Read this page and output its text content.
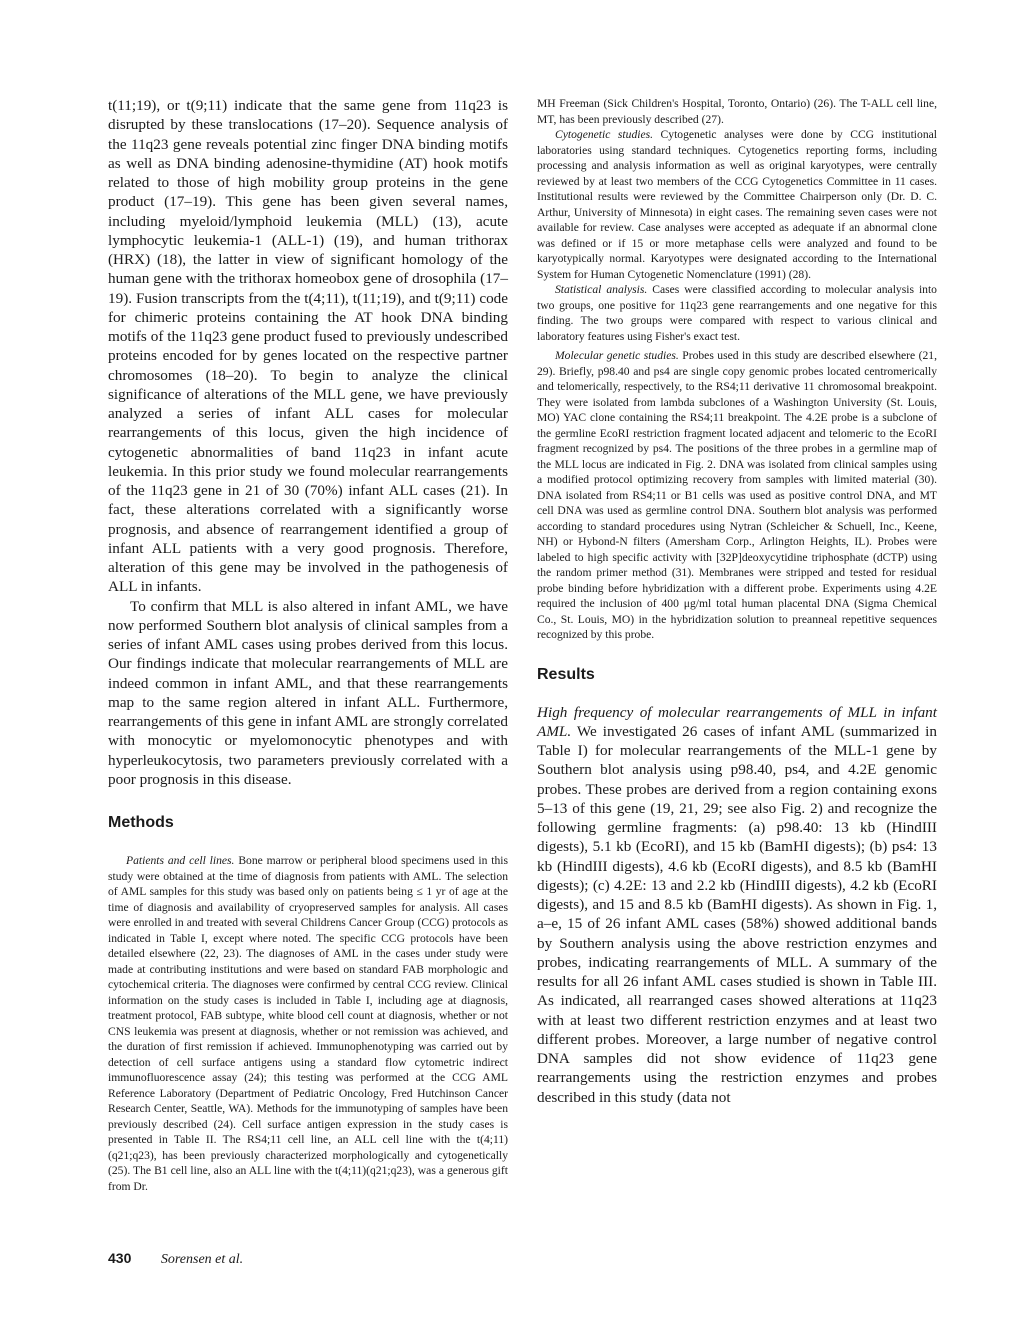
t(11;19), or t(9;11) indicate that the same gene from 11q23 is disrupted by these translocations (17–20). Sequence analysis of the 11q23 gene reveals potential zinc finger DNA binding motifs as well as DNA binding adenosine-thymidine (AT) hook motifs related to those of high mobility group proteins in the gene product (17–19). This gene has been given several names, including myeloid/lymphoid leukemia (MLL) (13), acute lymphocytic leukemia-1 (ALL-1) (19), and human trithorax (HRX) (18), the latter in view of significant homology of the human gene with the trithorax homeobox gene of drosophila (17–19). Fusion transcripts from the t(4;11), t(11;19), and t(9;11) code for chimeric proteins containing the AT hook DNA binding motifs of the 11q23 gene product fused to previously undescribed proteins encoded for by genes located on the respective partner chromosomes (18–20). To begin to analyze the clinical significance of alterations of the MLL gene, we have previously analyzed a series of infant ALL cases for molecular rearrangements of this locus, given the high incidence of cytogenetic abnormalities of band 11q23 in infant acute leukemia. In this prior study we found molecular rearrangements of the 11q23 gene in 21 of 30 (70%) infant ALL cases (21). In fact, these alterations correlated with a significantly worse prognosis, and absence of rearrangement identified a group of infant ALL patients with a very good prognosis. Therefore, alteration of this gene may be involved in the pathogenesis of ALL in infants.

To confirm that MLL is also altered in infant AML, we have now performed Southern blot analysis of clinical samples from a series of infant AML cases using probes derived from this locus. Our findings indicate that molecular rearrangements of MLL are indeed common in infant AML, and that these rearrangements map to the same region altered in infant ALL. Furthermore, rearrangements of this gene in infant AML are strongly correlated with monocytic or myelomonocytic phenotypes and with hyperleukocytosis, two parameters previously correlated with a poor prognosis in this disease.

Methods

Patients and cell lines. Bone marrow or peripheral blood specimens used in this study were obtained at the time of diagnosis from patients with AML. The selection of AML samples for this study was based only on patients being ≤ 1 yr of age at the time of diagnosis and availability of cryopreserved samples for analysis. All cases were enrolled in and treated with several Childrens Cancer Group (CCG) protocols as indicated in Table I, except where noted. The specific CCG protocols have been detailed elsewhere (22, 23). The diagnoses of AML in the cases under study were made at contributing institutions and were based on standard FAB morphologic and cytochemical criteria. The diagnoses were confirmed by central CCG review. Clinical information on the study cases is included in Table I, including age at diagnosis, treatment protocol, FAB subtype, white blood cell count at diagnosis, whether or not CNS leukemia was present at diagnosis, whether or not remission was achieved, and the duration of first remission if achieved. Immunophenotyping was carried out by detection of cell surface antigens using a standard flow cytometric indirect immunofluorescence assay (24); this testing was performed at the CCG AML Reference Laboratory (Department of Pediatric Oncology, Fred Hutchinson Cancer Research Center, Seattle, WA). Methods for the immunotyping of samples have been previously described (24). Cell surface antigen expression in the study cases is presented in Table II. The RS4;11 cell line, an ALL cell line with the t(4;11)(q21;q23), has been previously characterized morphologically and cytogenetically (25). The B1 cell line, also an ALL line with the t(4;11)(q21;q23), was a generous gift from Dr.

MH Freeman (Sick Children's Hospital, Toronto, Ontario) (26). The T-ALL cell line, MT, has been previously described (27).

Cytogenetic studies. Cytogenetic analyses were done by CCG institutional laboratories using standard techniques. Cytogenetics reporting forms, including processing and analysis information as well as original karyotypes, were centrally reviewed by at least two members of the CCG Cytogenetics Committee in 11 cases. Institutional results were reviewed by the Committee Chairperson only (Dr. D. C. Arthur, University of Minnesota) in eight cases. The remaining seven cases were not available for review. Case analyses were accepted as adequate if an abnormal clone was defined or if 15 or more metaphase cells were analyzed and found to be karyotypically normal. Karyotypes were designated according to the International System for Human Cytogenetic Nomenclature (1991) (28).

Statistical analysis. Cases were classified according to molecular analysis into two groups, one positive for 11q23 gene rearrangements and one negative for this finding. The two groups were compared with respect to various clinical and laboratory features using Fisher's exact test.

Molecular genetic studies. Probes used in this study are described elsewhere (21, 29). Briefly, p98.40 and ps4 are single copy genomic probes located centromerically and telomerically, respectively, to the RS4;11 derivative 11 chromosomal breakpoint. They were isolated from lambda subclones of a Washington University (St. Louis, MO) YAC clone containing the RS4;11 breakpoint. The 4.2E probe is a subclone of the germline EcoRI restriction fragment located adjacent and telomeric to the EcoRI fragment recognized by ps4. The positions of the three probes in a germline map of the MLL locus are indicated in Fig. 2. DNA was isolated from clinical samples using a modified protocol optimizing recovery from samples with limited material (30). DNA isolated from RS4;11 or B1 cells was used as positive control DNA, and MT cell DNA was used as germline control DNA. Southern blot analysis was performed according to standard procedures using Nytran (Schleicher & Schuell, Inc., Keene, NH) or Hybond-N filters (Amersham Corp., Arlington Heights, IL). Probes were labeled to high specific activity with [32P]deoxycytidine triphosphate (dCTP) using the random primer method (31). Membranes were stripped and tested for residual probe binding before hybridization with a different probe. Experiments using 4.2E required the inclusion of 400 μg/ml total human placental DNA (Sigma Chemical Co., St. Louis, MO) in the hybridization solution to preanneal repetitive sequences recognized by this probe.

Results

High frequency of molecular rearrangements of MLL in infant AML. We investigated 26 cases of infant AML (summarized in Table I) for molecular rearrangements of the MLL-1 gene by Southern blot analysis using p98.40, ps4, and 4.2E genomic probes. These probes are derived from a region containing exons 5–13 of this gene (19, 21, 29; see also Fig. 2) and recognize the following germline fragments: (a) p98.40: 13 kb (HindIII digests), 5.1 kb (EcoRI), and 15 kb (BamHI digests); (b) ps4: 13 kb (HindIII digests), 4.6 kb (EcoRI digests), and 8.5 kb (BamHI digests); (c) 4.2E: 13 and 2.2 kb (HindIII digests), 4.2 kb (EcoRI digests), and 15 and 8.5 kb (BamHI digests). As shown in Fig. 1, a–e, 15 of 26 infant AML cases (58%) showed additional bands by Southern analysis using the above restriction enzymes and probes, indicating rearrangements of MLL. A summary of the results for all 26 infant AML cases studied is shown in Table III. As indicated, all rearranged cases showed alterations at 11q23 with at least two different restriction enzymes and at least two different probes. Moreover, a large number of negative control DNA samples did not show evidence of 11q23 gene rearrangements using the restriction enzymes and probes described in this study (data not

430 Sorensen et al.
